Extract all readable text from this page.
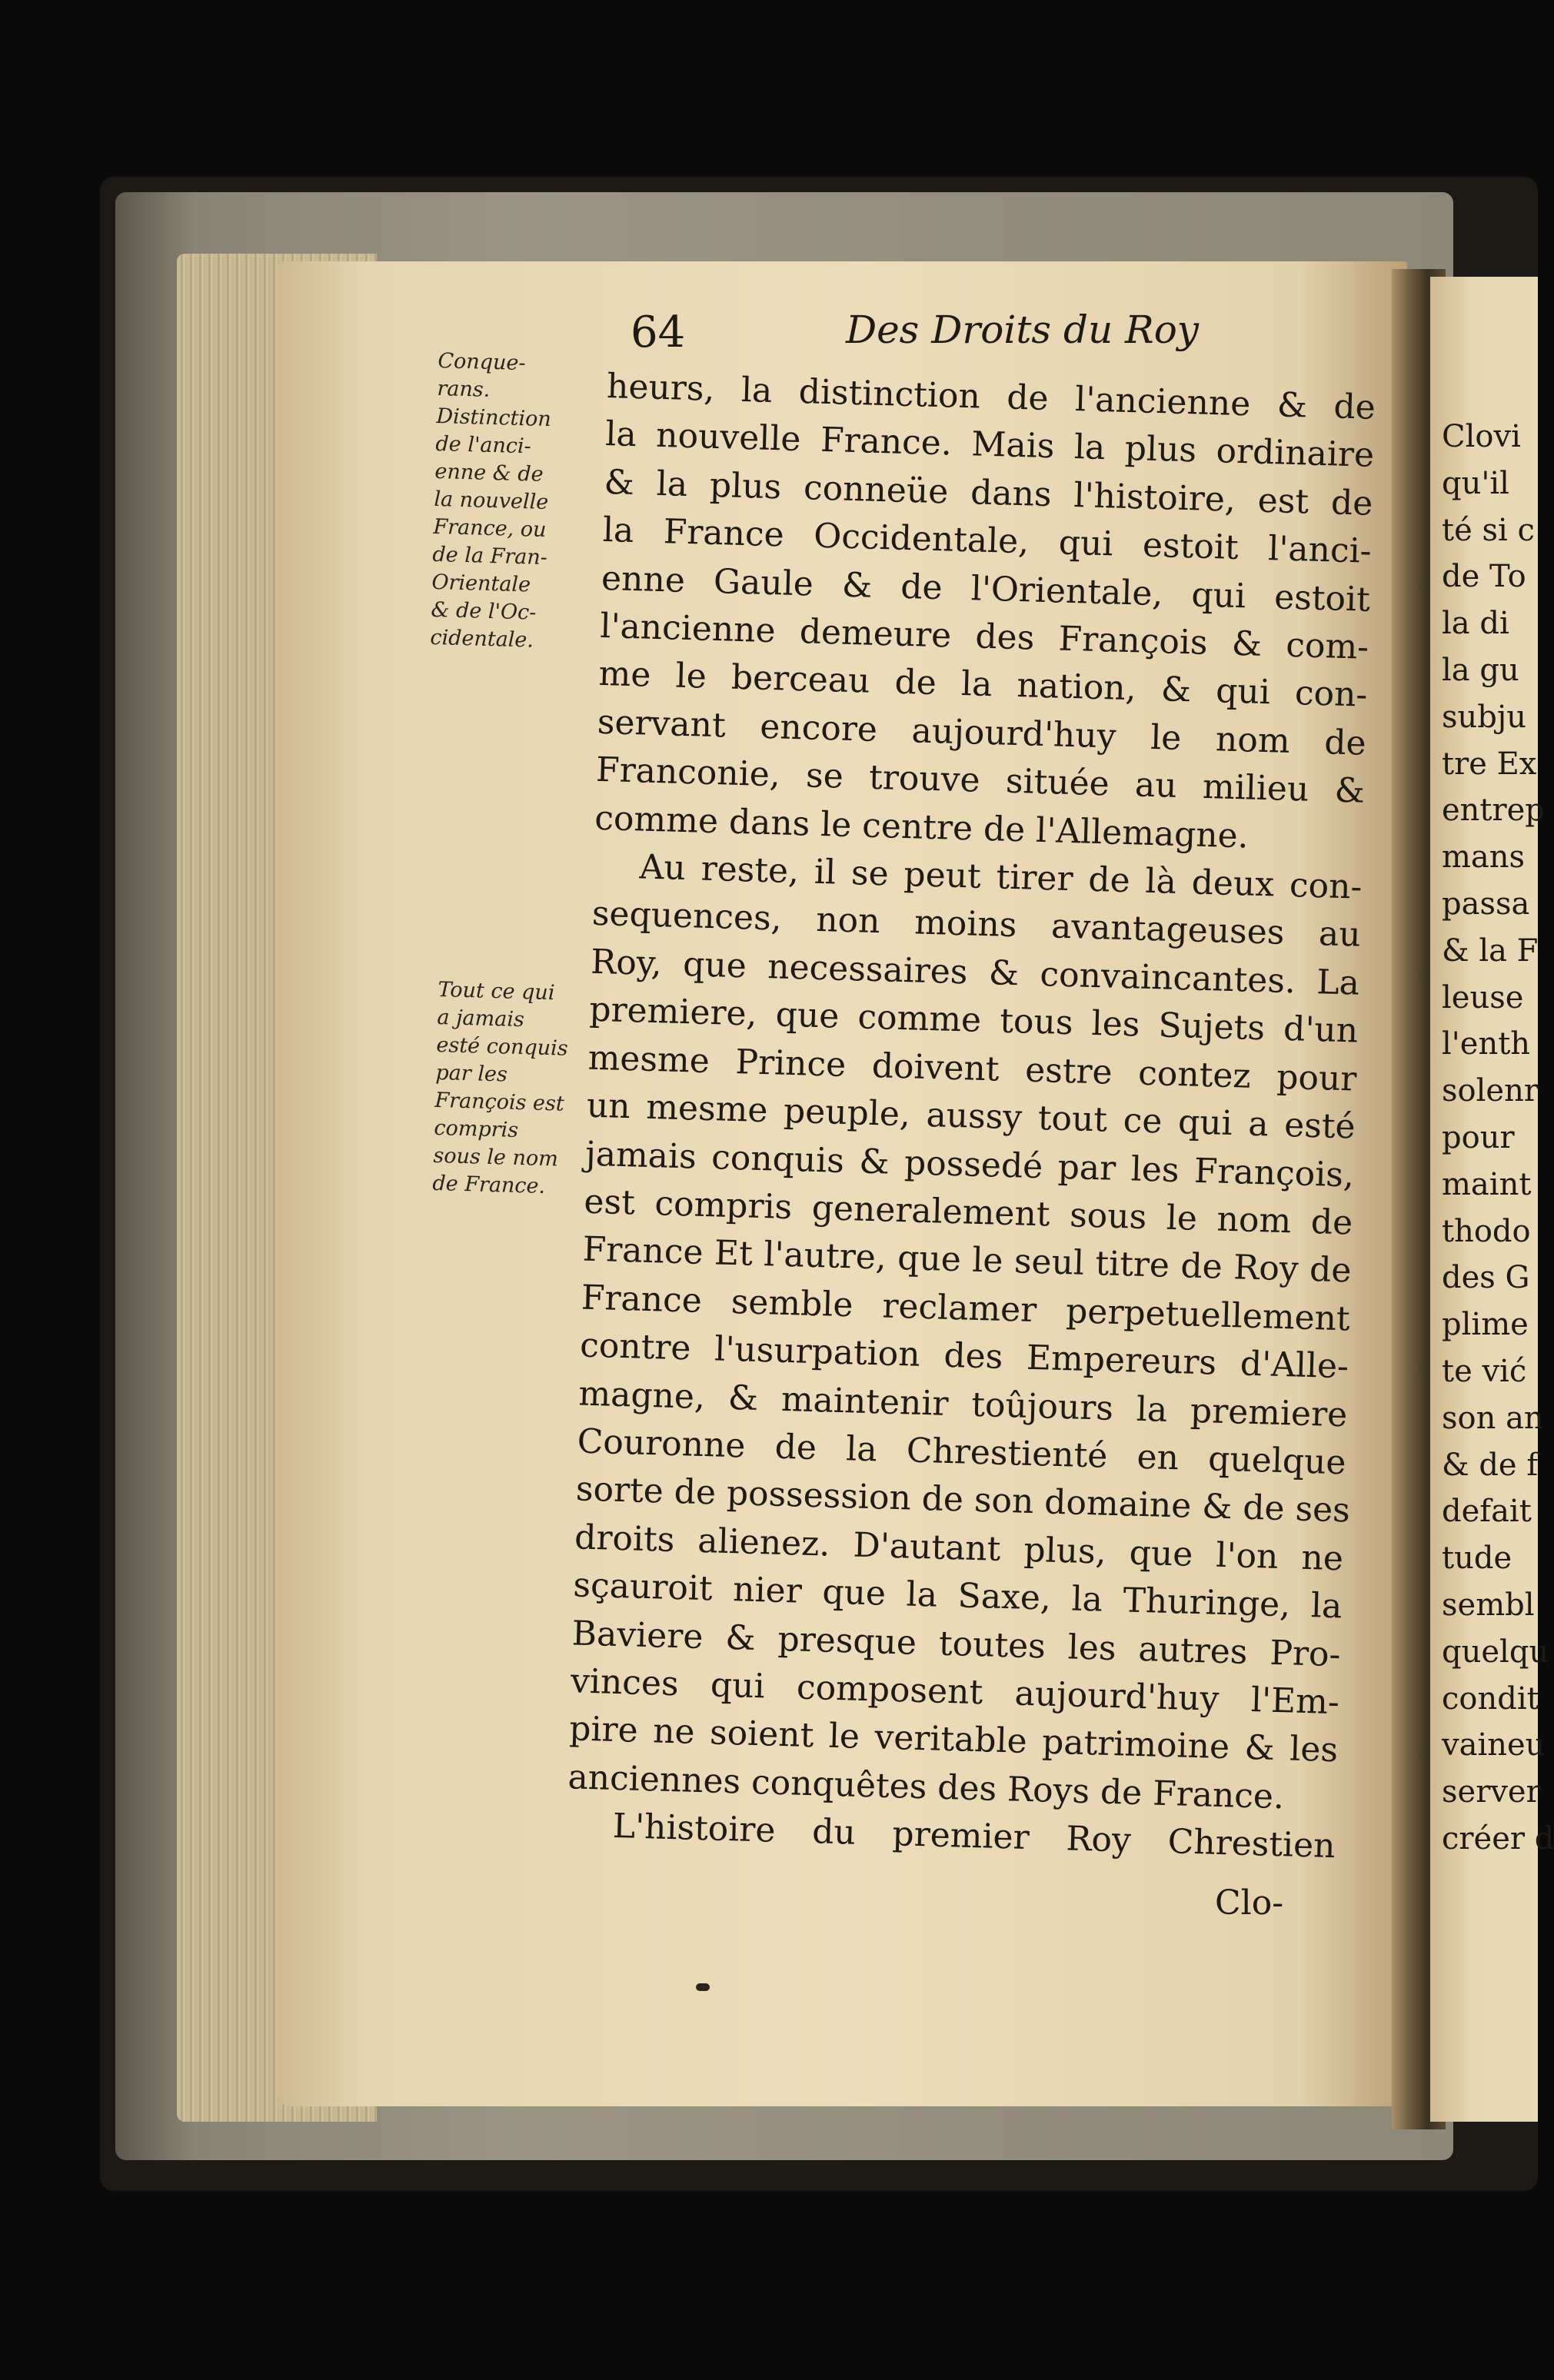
64	Des Droits du Roy
Conque-
rans.
Distinction
de l'anci-
enne & de
la nouvelle
France, ou
de la Fran-
Orientale
& de l'Oc-
cidentale.
Tout ce qui
a jamais
esté conquis
par les
François est
compris
sous le nom
de France.
heurs, la distinction de l'ancienne & de
la nouvelle France. Mais la plus ordinaire
& la plus conneüe dans l'histoire, est de
la France Occidentale, qui estoit l'anci-
enne Gaule & de l'Orientale, qui estoit
l'ancienne demeure des François & com-
me le berceau de la nation, & qui con-
servant encore aujourd'huy le nom de
Franconie, se trouve située au milieu &
comme dans le centre de l'Allemagne.
Au reste, il se peut tirer de là deux con-
sequences, non moins avantageuses au
Roy, que necessaires & convaincantes. La
premiere, que comme tous les Sujets d'un
mesme Prince doivent estre contez pour
un mesme peuple, aussy tout ce qui a esté
jamais conquis & possedé par les François,
est compris generalement sous le nom de
France Et l'autre, que le seul titre de Roy de
France semble reclamer perpetuellement
contre l'usurpation des Empereurs d'Alle-
magne, & maintenir toûjours la premiere
Couronne de la Chrestienté en quelque
sorte de possession de son domaine & de ses
droits alienez. D'autant plus, que l'on ne
sçauroit nier que la Saxe, la Thuringe, la
Baviere & presque toutes les autres Pro-
vinces qui composent aujourd'huy l'Em-
pire ne soient le veritable patrimoine & les
anciennes conquêtes des Roys de France.
L'histoire du premier Roy Chrestien
Clo-
Clovi
qu'il
té si c
de To
la di
la gu
subju
tre Ex
entrep
mans
passa
& la F
leuse
l'enth
solenr
pour
maint
thodo
des G
plime
te vić
son an
& de f
defait
tude
sembl
quelqu
condit
vaineu
server
créer d
